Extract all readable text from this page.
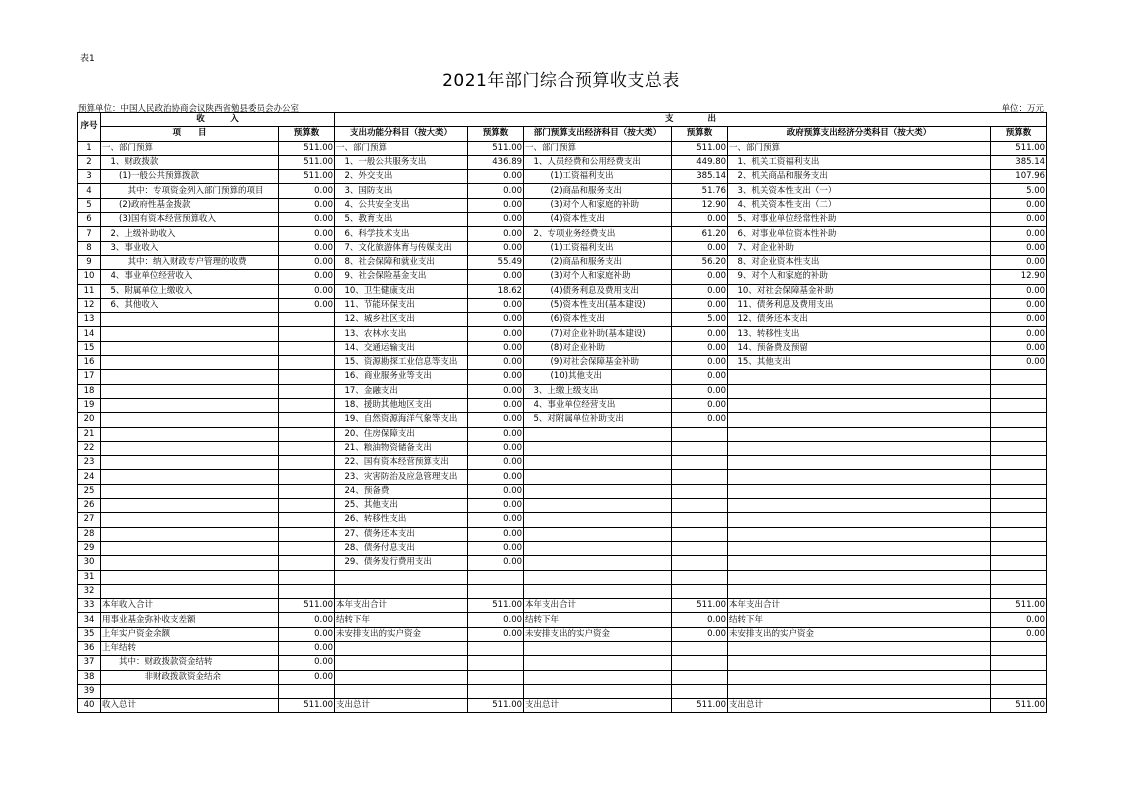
表1
2021年部门综合预算收支总表
预算单位：中国人民政治协商会议陕西省勉县委员会办公室	单位：万元
序号	收　　　入		支　　　　出					
	项　　目	预算数	支出功能分科目（按大类）	预算数	部门预算支出经济科目（按大类）	预算数	政府预算支出经济分类科目（按大类）	预算数
1	一、部门预算	511.00	一、部门预算	511.00	一、部门预算	511.00	一、部门预算	511.00
2	　1、财政拨款	511.00	　1、一般公共服务支出	436.89	　1、人员经费和公用经费支出	449.80	　1、机关工资福利支出	385.14
3	　　(1)一般公共预算拨款	511.00	　2、外交支出	0.00	　　　(1)工资福利支出	385.14	　2、机关商品和服务支出	107.96
4	　　　其中：专项资金列入部门预算的项目	0.00	　3、国防支出	0.00	　　　(2)商品和服务支出	51.76	　3、机关资本性支出（一）	5.00
5	　　(2)政府性基金拨款	0.00	　4、公共安全支出	0.00	　　　(3)对个人和家庭的补助	12.90	　4、机关资本性支出（二）	0.00
6	　　(3)国有资本经营预算收入	0.00	　5、教育支出	0.00	　　　(4)资本性支出	0.00	　5、对事业单位经常性补助	0.00
7	　2、上级补助收入	0.00	　6、科学技术支出	0.00	　2、专项业务经费支出	61.20	　6、对事业单位资本性补助	0.00
8	　3、事业收入	0.00	　7、文化旅游体育与传媒支出	0.00	　　　(1)工资福利支出	0.00	　7、对企业补助	0.00
9	　　　其中：纳入财政专户管理的收费	0.00	　8、社会保障和就业支出	55.49	　　　(2)商品和服务支出	56.20	　8、对企业资本性支出	0.00
10	　4、事业单位经营收入	0.00	　9、社会保险基金支出	0.00	　　　(3)对个人和家庭补助	0.00	　9、对个人和家庭的补助	12.90
11	　5、附属单位上缴收入	0.00	　10、卫生健康支出	18.62	　　　(4)债务利息及费用支出	0.00	　10、对社会保障基金补助	0.00
12	　6、其他收入	0.00	　11、节能环保支出	0.00	　　　(5)资本性支出(基本建设)	0.00	　11、债务利息及费用支出	0.00
13			　12、城乡社区支出	0.00	　　　(6)资本性支出	5.00	　12、债务还本支出	0.00
14			　13、农林水支出	0.00	　　　(7)对企业补助(基本建设)	0.00	　13、转移性支出	0.00
15			　14、交通运输支出	0.00	　　　(8)对企业补助	0.00	　14、预备费及预留	0.00
16			　15、资源勘探工业信息等支出	0.00	　　　(9)对社会保障基金补助	0.00	　15、其他支出	0.00
17			　16、商业服务业等支出	0.00	　　　(10)其他支出	0.00		
18			　17、金融支出	0.00	　3、上缴上级支出	0.00		
19			　18、援助其他地区支出	0.00	　4、事业单位经营支出	0.00		
20			　19、自然资源海洋气象等支出	0.00	　5、对附属单位补助支出	0.00		
21			　20、住房保障支出	0.00				
22			　21、粮油物资储备支出	0.00				
23			　22、国有资本经营预算支出	0.00				
24			　23、灾害防治及应急管理支出	0.00				
25			　24、预备费	0.00				
26			　25、其他支出	0.00				
27			　26、转移性支出	0.00				
28			　27、债务还本支出	0.00				
29			　28、债务付息支出	0.00				
30			　29、债务发行费用支出	0.00				
31								
32								
33	本年收入合计	511.00	本年支出合计	511.00	本年支出合计	511.00	本年支出合计	511.00
34	用事业基金弥补收支差额	0.00	结转下年	0.00	结转下年	0.00	结转下年	0.00
35	上年实户资金余额	0.00	未安排支出的实户资金	0.00	未安排支出的实户资金	0.00	未安排支出的实户资金	0.00
36	上年结转	0.00						
37	　　其中：财政拨款资金结转	0.00						
38	　　　　　非财政拨款资金结余	0.00						
39								
40	收入总计	511.00	支出总计	511.00	支出总计	511.00	支出总计	511.00
